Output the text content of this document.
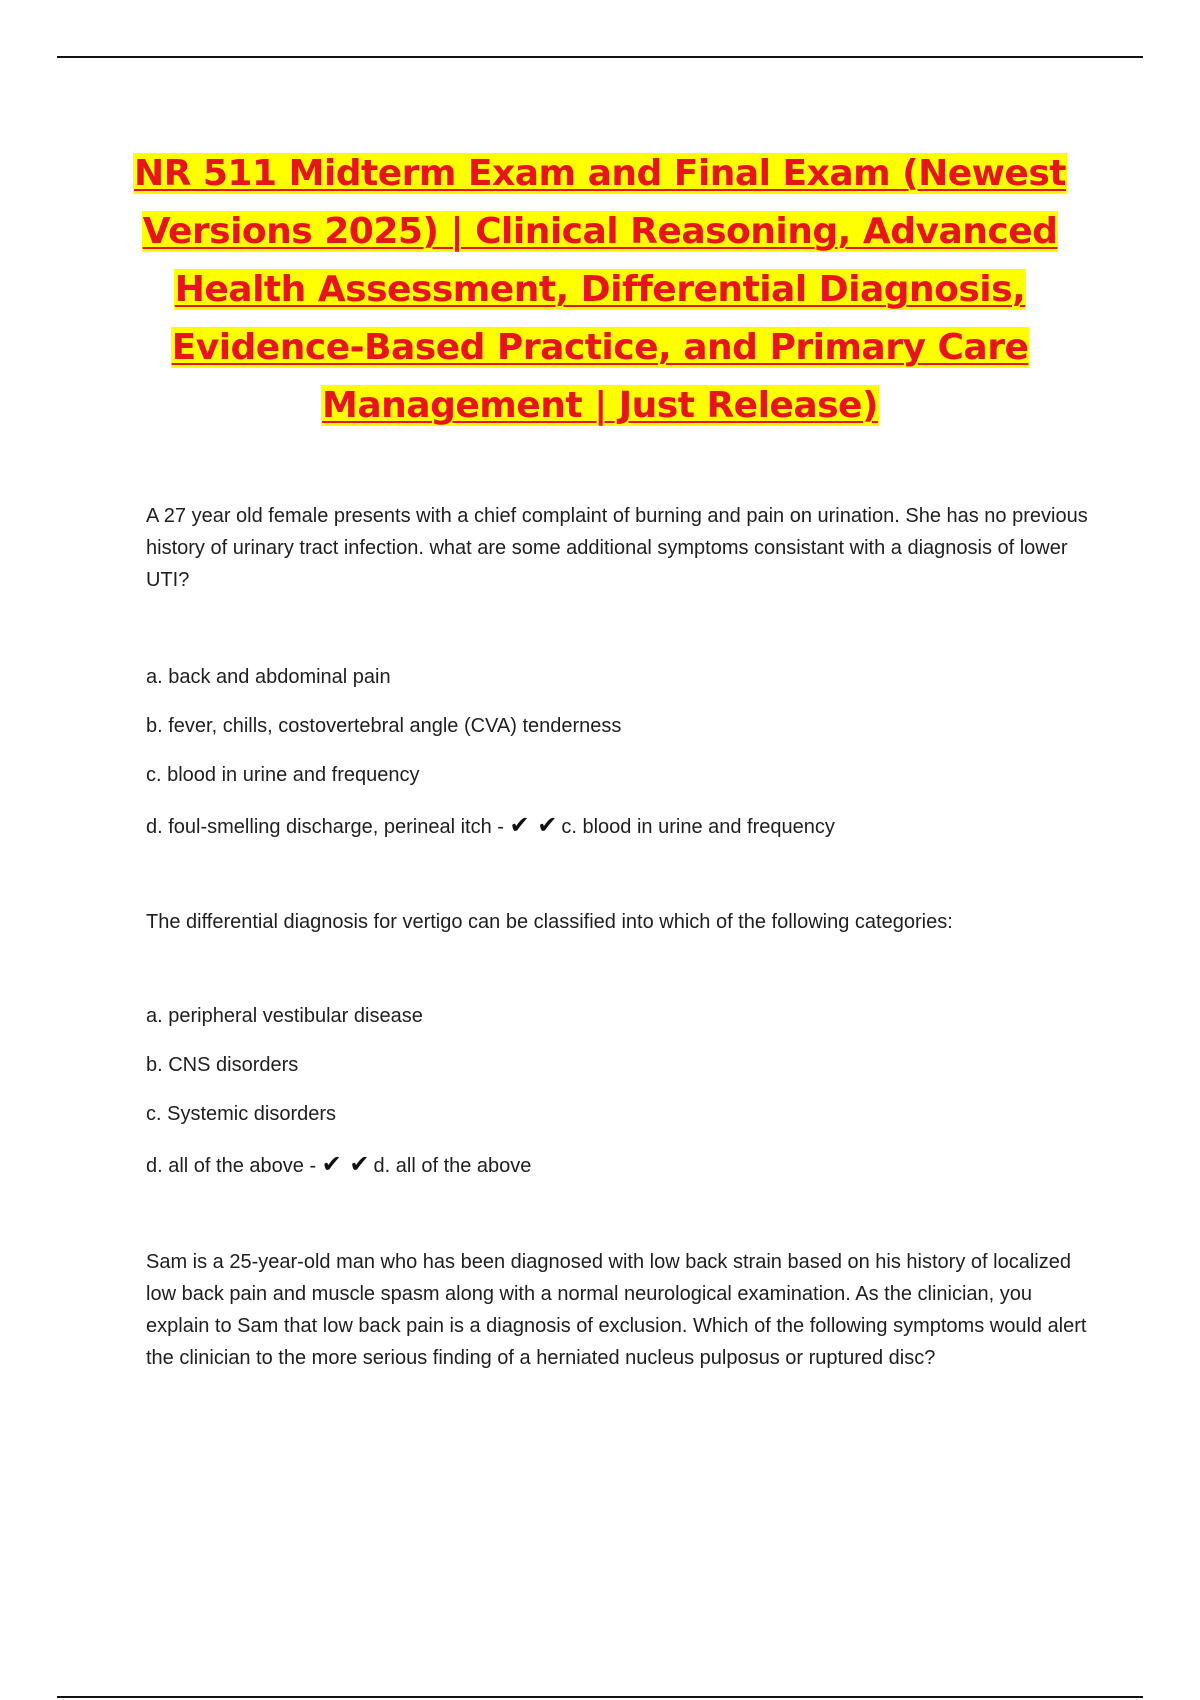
NR 511 Midterm Exam and Final Exam (Newest
Versions 2025) | Clinical Reasoning, Advanced
Health Assessment, Differential Diagnosis,
Evidence-Based Practice, and Primary Care
Management | Just Release)
A 27 year old female presents with a chief complaint of burning and pain on urination. She has no previous history of urinary tract infection. what are some additional symptoms consistant with a diagnosis of lower UTI?
a. back and abdominal pain
b. fever, chills, costovertebral angle (CVA) tenderness
c. blood in urine and frequency
d. foul-smelling discharge, perineal itch - ✔ ✔ c. blood in urine and frequency
The differential diagnosis for vertigo can be classified into which of the following categories:
a. peripheral vestibular disease
b. CNS disorders
c. Systemic disorders
d. all of the above - ✔ ✔ d. all of the above
Sam is a 25-year-old man who has been diagnosed with low back strain based on his history of localized low back pain and muscle spasm along with a normal neurological examination. As the clinician, you explain to Sam that low back pain is a diagnosis of exclusion. Which of the following symptoms would alert the clinician to the more serious finding of a herniated nucleus pulposus or ruptured disc?
